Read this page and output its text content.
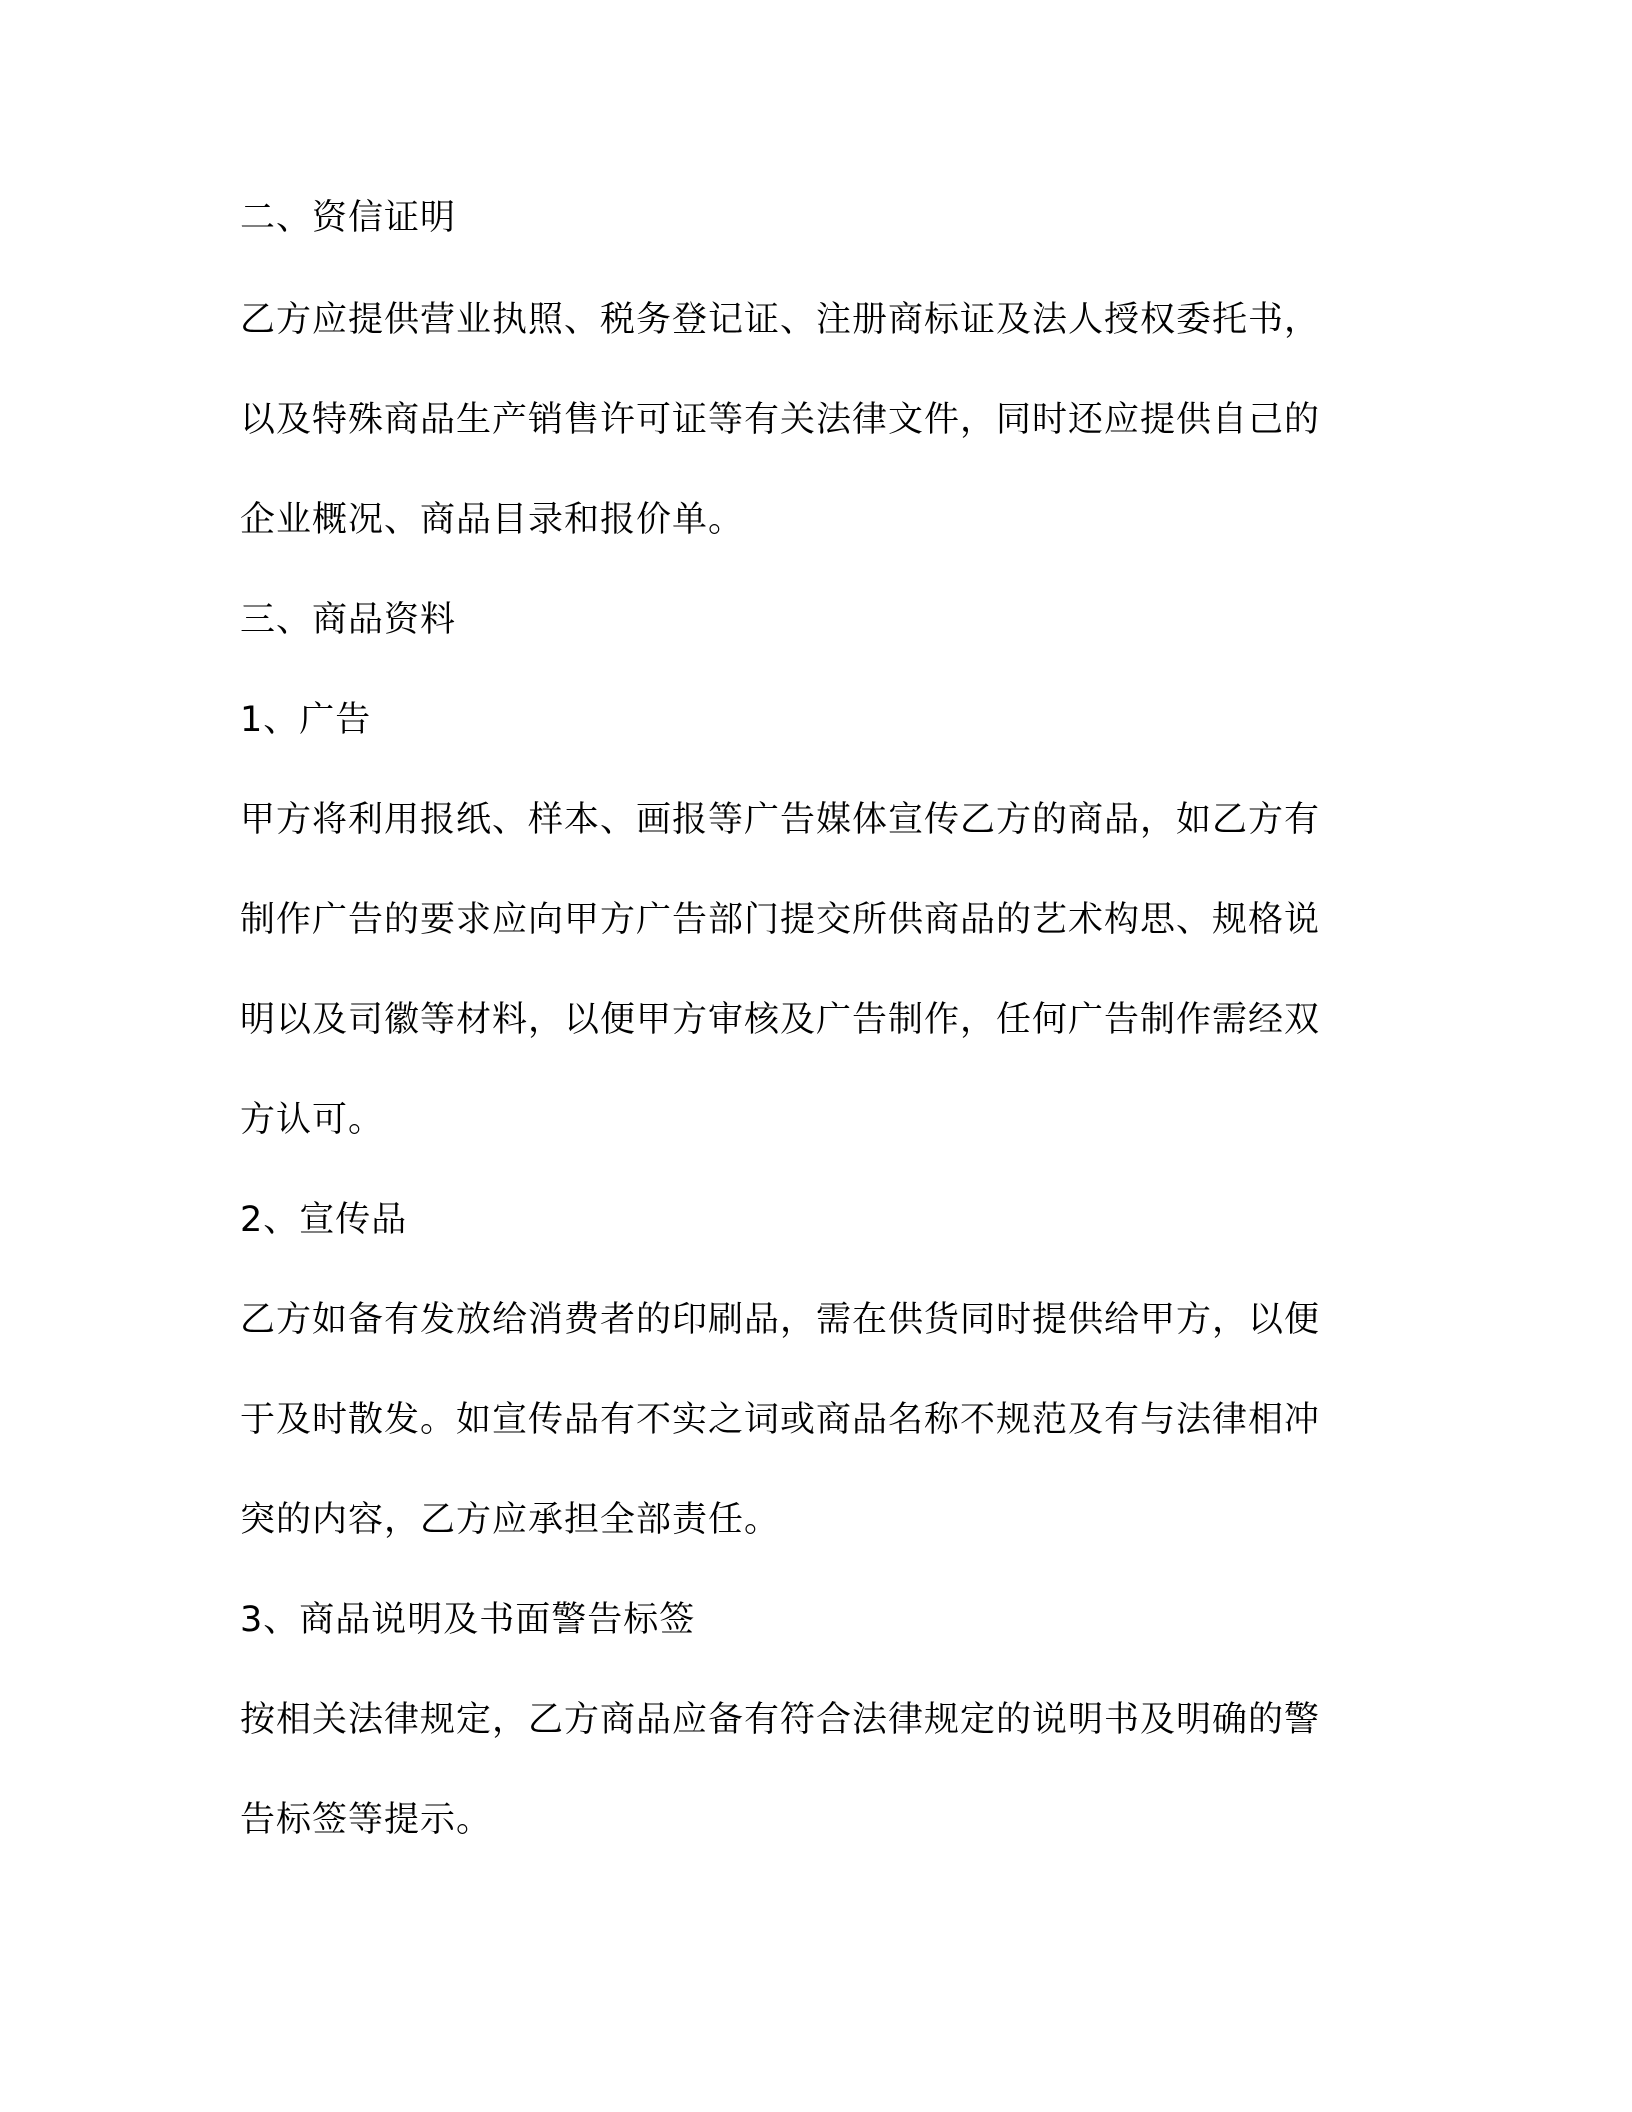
二、资信证明

乙方应提供营业执照、税务登记证、注册商标证及法人授权委托书，

以及特殊商品生产销售许可证等有关法律文件，同时还应提供自己的

企业概况、商品目录和报价单。

三、商品资料

1、广告

甲方将利用报纸、样本、画报等广告媒体宣传乙方的商品，如乙方有

制作广告的要求应向甲方广告部门提交所供商品的艺术构思、规格说

明以及司徽等材料，以便甲方审核及广告制作，任何广告制作需经双

方认可。

2、宣传品

乙方如备有发放给消费者的印刷品，需在供货同时提供给甲方，以便

于及时散发。如宣传品有不实之词或商品名称不规范及有与法律相冲

突的内容，乙方应承担全部责任。

3、商品说明及书面警告标签

按相关法律规定，乙方商品应备有符合法律规定的说明书及明确的警

告标签等提示。
